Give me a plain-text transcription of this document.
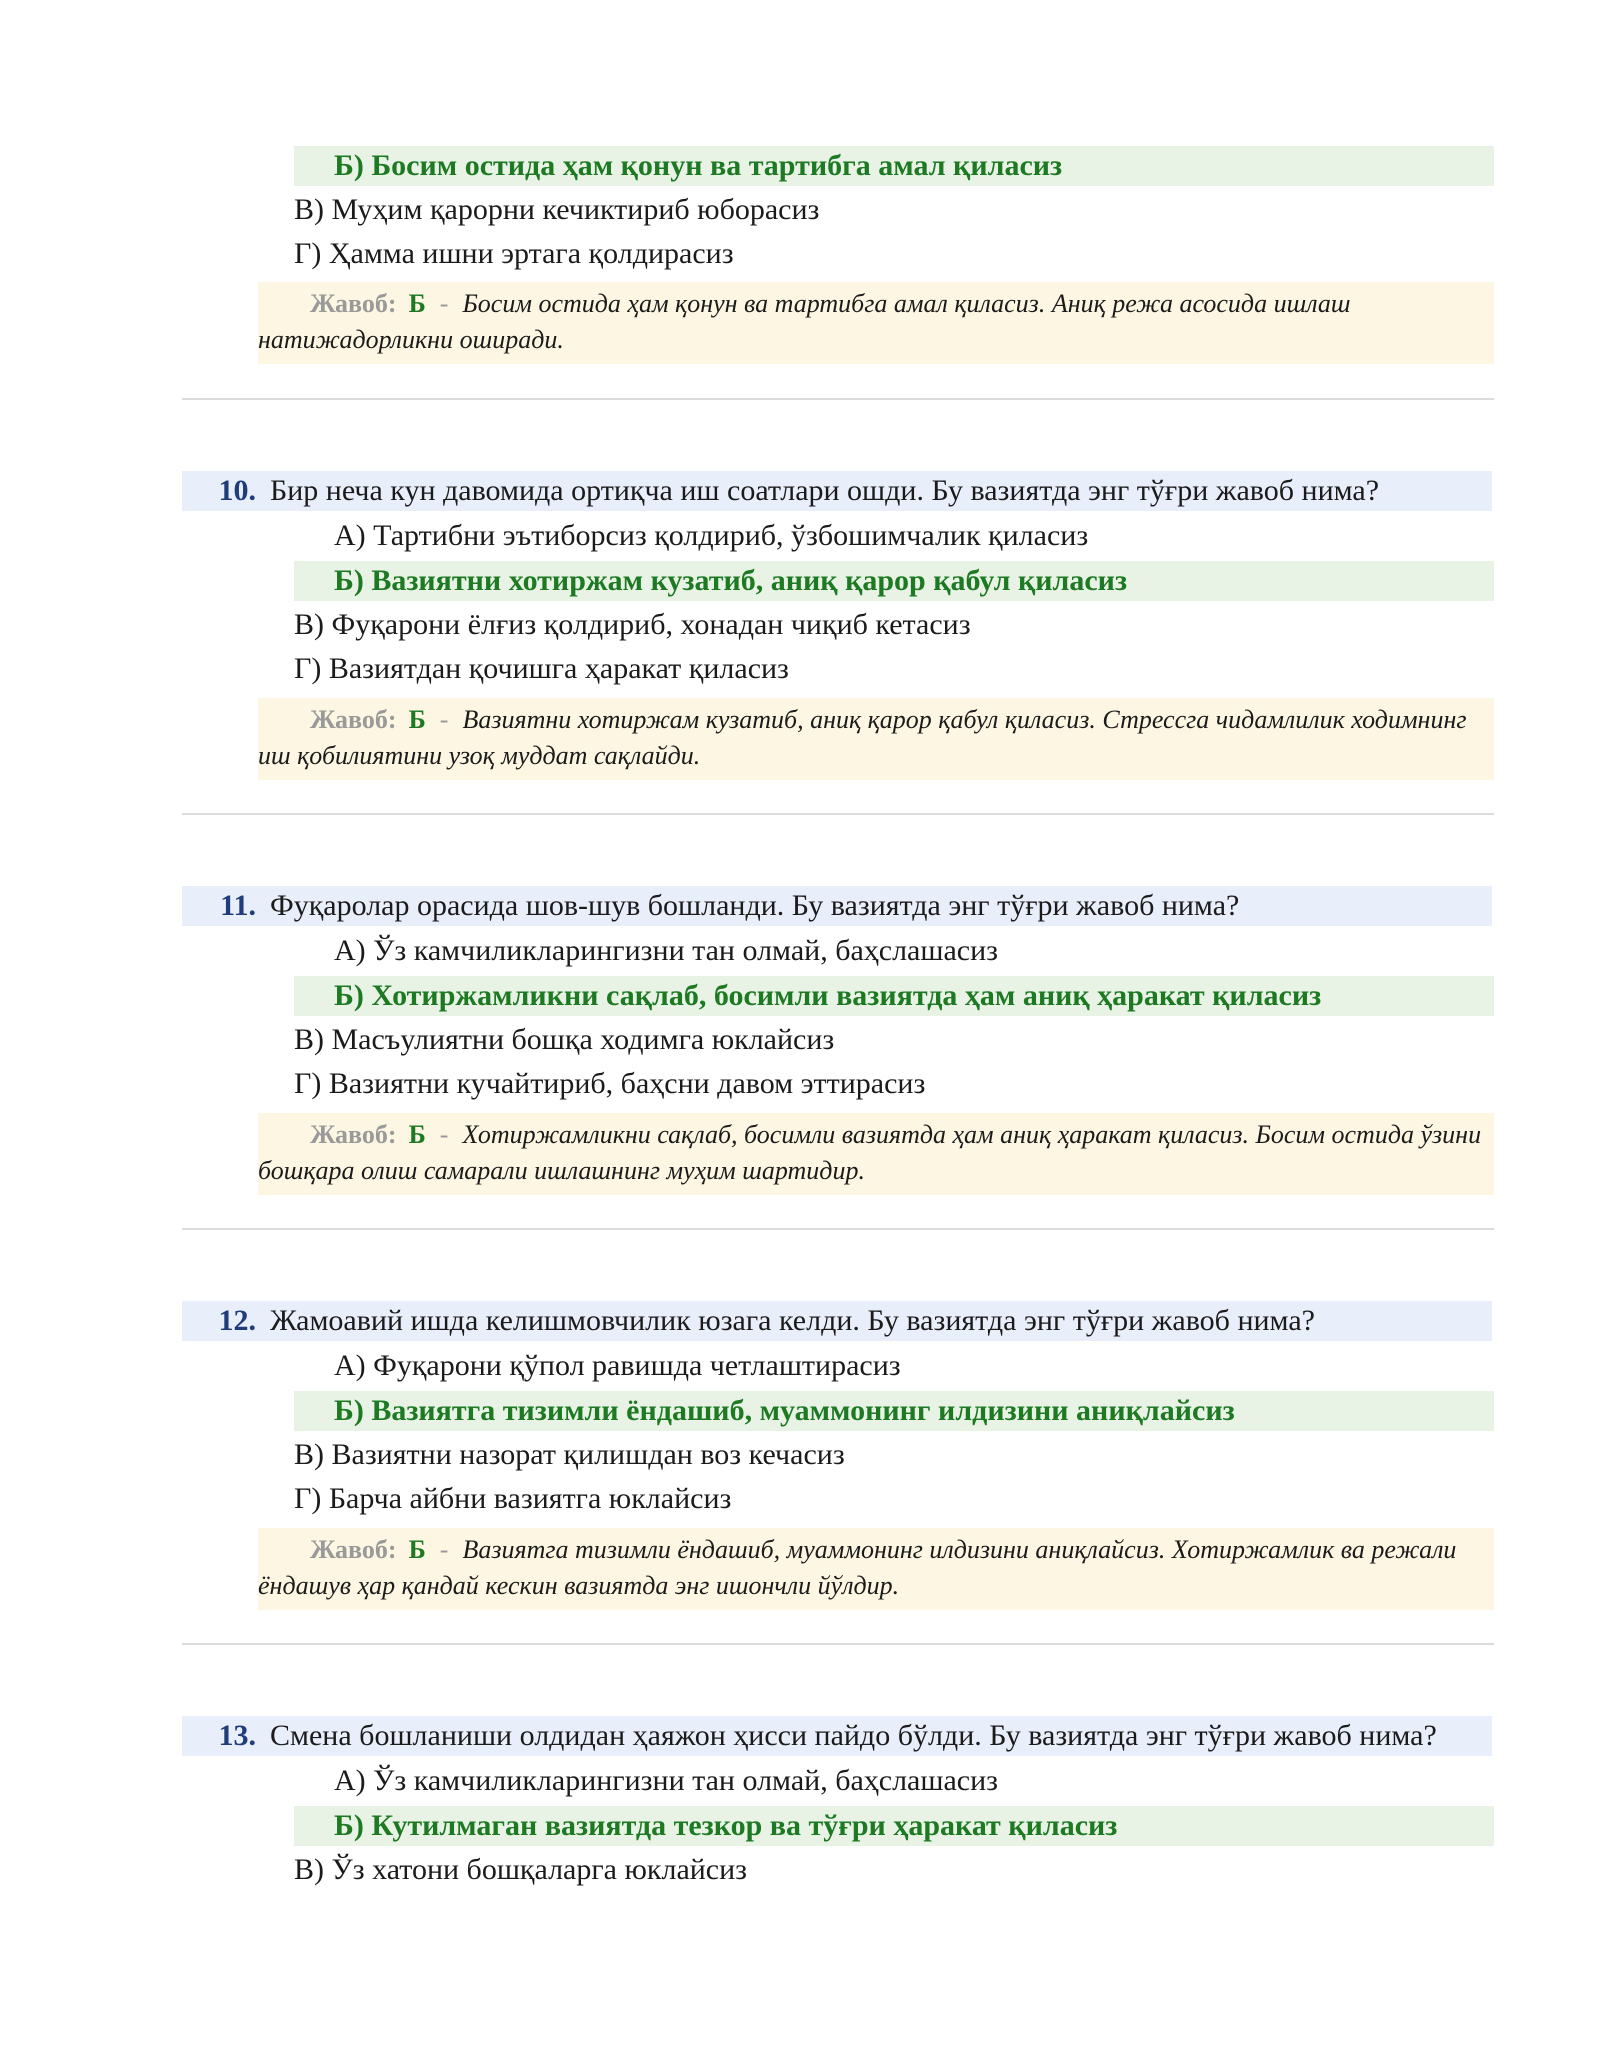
Б) Босим остида ҳам қонун ва тартибга амал қиласиз
В) Муҳим қарорни кечиктириб юборасиз
Г) Ҳамма ишни эртага қолдирасиз
Жавоб: Б - Босим остида ҳам қонун ва тартибга амал қиласиз. Аниқ режа асосида ишлаш натижадорликни оширади.
10. Бир неча кун давомида ортиқча иш соатлари ошди. Бу вазиятда энг тўғри жавоб нима?
А) Тартибни эътиборсиз қолдириб, ўзбошимчалик қиласиз
Б) Вазиятни хотиржам кузатиб, аниқ қарор қабул қиласиз
В) Фуқарони ёлғиз қолдириб, хонадан чиқиб кетасиз
Г) Вазиятдан қочишга ҳаракат қиласиз
Жавоб: Б - Вазиятни хотиржам кузатиб, аниқ қарор қабул қиласиз. Стрессга чидамлилик ходимнинг иш қобилиятини узоқ муддат сақлайди.
11. Фуқаролар орасида шов-шув бошланди. Бу вазиятда энг тўғри жавоб нима?
А) Ўз камчиликларингизни тан олмай, баҳслашасиз
Б) Хотиржамликни сақлаб, босимли вазиятда ҳам аниқ ҳаракат қиласиз
В) Масъулиятни бошқа ходимга юклайсиз
Г) Вазиятни кучайтириб, баҳсни давом эттирасиз
Жавоб: Б - Хотиржамликни сақлаб, босимли вазиятда ҳам аниқ ҳаракат қиласиз. Босим остида ўзини бошқара олиш самарали ишлашнинг муҳим шартидир.
12. Жамоавий ишда келишмовчилик юзага келди. Бу вазиятда энг тўғри жавоб нима?
А) Фуқарони қўпол равишда четлаштирасиз
Б) Вазиятга тизимли ёндашиб, муаммонинг илдизини аниқлайсиз
В) Вазиятни назорат қилишдан воз кечасиз
Г) Барча айбни вазиятга юклайсиз
Жавоб: Б - Вазиятга тизимли ёндашиб, муаммонинг илдизини аниқлайсиз. Хотиржамлик ва режали ёндашув ҳар қандай кескин вазиятда энг ишончли йўлдир.
13. Смена бошланиши олдидан ҳаяжон ҳисси пайдо бўлди. Бу вазиятда энг тўғри жавоб нима?
А) Ўз камчиликларингизни тан олмай, баҳслашасиз
Б) Кутилмаган вазиятда тезкор ва тўғри ҳаракат қиласиз
В) Ўз хатони бошқаларга юклайсиз
